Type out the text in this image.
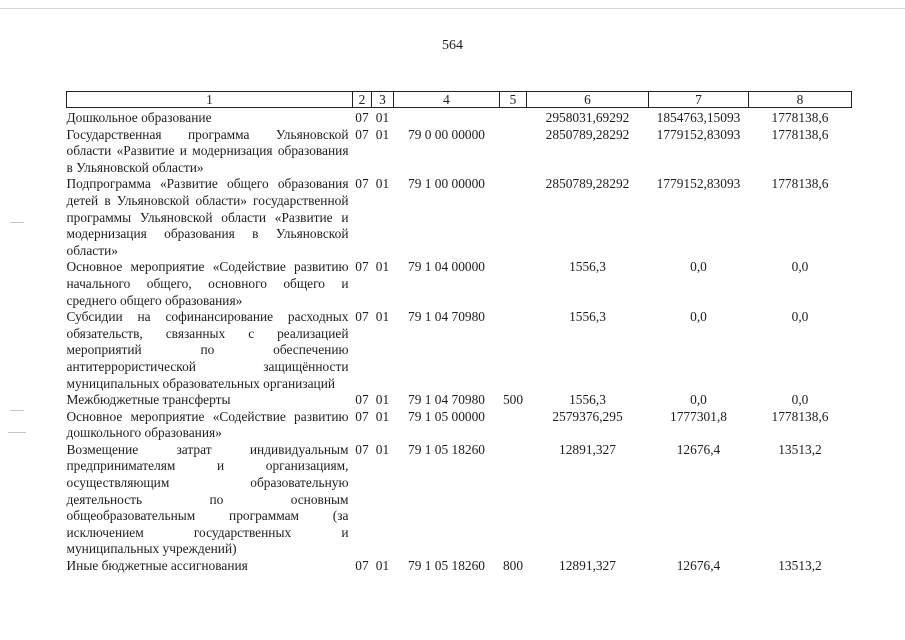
564
1	2	3	4	5	6	7	8

Дошкольное образование	07	01			2958031,69292	1854763,15093	1778138,6
Государственная программа Ульяновской области «Развитие и модернизация образования в Ульяновской области»	07	01	79 0 00 00000		2850789,28292	1779152,83093	1778138,6
Подпрограмма «Развитие общего образования детей в Ульяновской области» государственной программы Ульяновской области «Развитие и модернизация образования в Ульяновской области»	07	01	79 1 00 00000		2850789,28292	1779152,83093	1778138,6
Основное мероприятие «Содействие развитию начального общего, основного общего и среднего общего образования»	07	01	79 1 04 00000		1556,3	0,0	0,0
Субсидии на софинансирование расходных обязательств, связанных с реализацией мероприятий по обеспечению антитеррористической защищённости муниципальных образовательных организаций	07	01	79 1 04 70980		1556,3	0,0	0,0
Межбюджетные трансферты	07	01	79 1 04 70980	500	1556,3	0,0	0,0
Основное мероприятие «Содействие развитию дошкольного образования»	07	01	79 1 05 00000		2579376,295	1777301,8	1778138,6
Возмещение затрат индивидуальным предпринимателям и организациям, осуществляющим образовательную деятельность по основным общеобразовательным программам (за исключением государственных и муниципальных учреждений)	07	01	79 1 05 18260		12891,327	12676,4	13513,2
Иные бюджетные ассигнования	07	01	79 1 05 18260	800	12891,327	12676,4	13513,2
